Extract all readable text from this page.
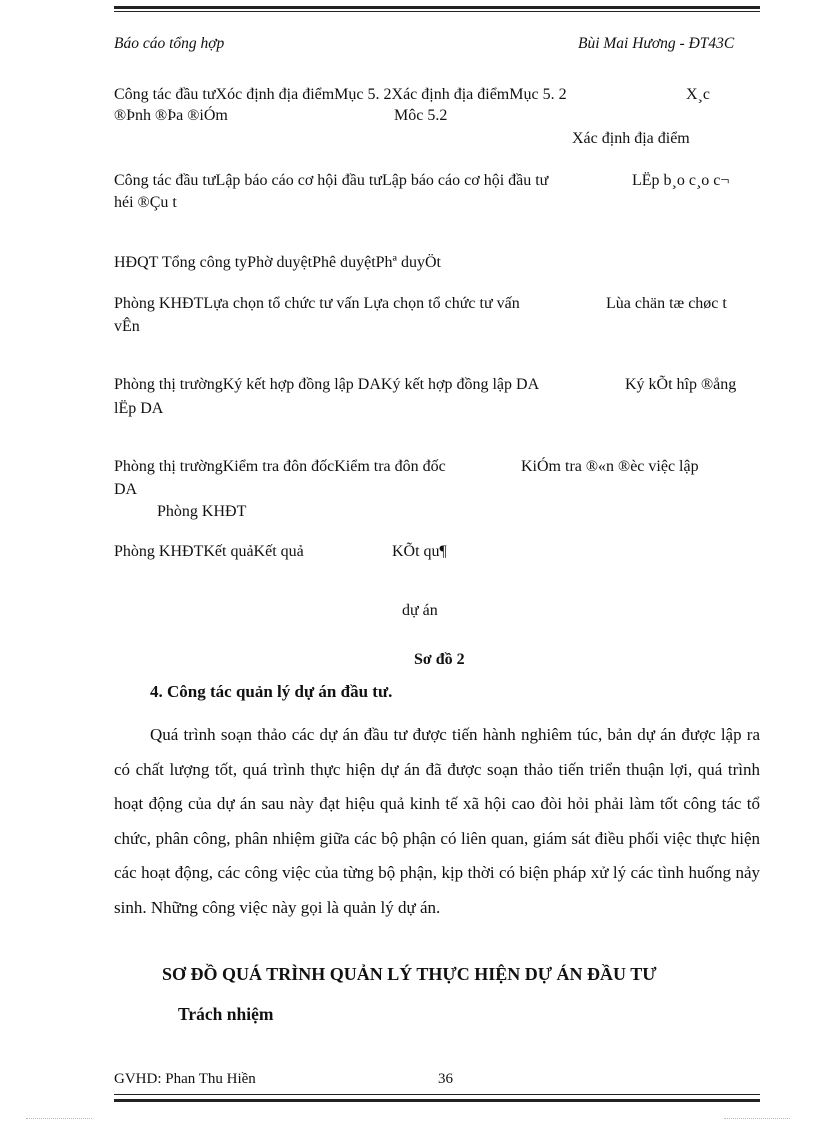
Báo cáo tổng hợp	Bùi Mai Hương - ĐT43C
Công tác đầu tưXóc định địa điểmMục 5. 2Xác định địa điểmMục 5. 2	X¸c
®Þnh ®Þa ®iÓm	Môc 5.2
Xác định địa điểm
Công tác đầu tưLập báo cáo cơ hội đầu tưLập báo cáo cơ hội đầu tư	LËp b¸o c¸o c¬
héi ®Çu t
HĐQT Tổng công tyPhờ duyệtPhê duyệtPhª duyÖt
Phòng KHĐTLựa chọn tổ chức tư vấn Lựa chọn tổ chức tư vấn	Lùa chän tæ chøc t
vÊn
Phòng thị trườngKý kết hợp đồng lập DAKý kết hợp đồng lập DA	Ký kÕt hîp ®ång
lËp DA
Phòng thị trườngKiểm tra đôn đốcKiểm tra đôn đốc	KiÓm tra ®«n ®èc việc lập
DA
Phòng KHĐT
Phòng KHĐTKết quảKết quả	KÕt qu¶
dự án
Sơ đồ 2
4. Công tác quản lý dự án đầu tư.

Quá trình soạn thảo các dự án đầu tư được tiến hành nghiêm túc, bản dự án được lập ra có chất lượng tốt, quá trình thực hiện dự án đã được soạn thảo tiến triển thuận lợi, quá trình hoạt động của dự án sau này đạt hiệu quả kinh tế xã hội cao đòi hỏi phải làm tốt công tác tổ chức, phân công, phân nhiệm giữa các bộ phận có liên quan, giám sát điều phối việc thực hiện các hoạt động, các công việc của từng bộ phận, kịp thời có biện pháp xử lý các tình huống nảy sinh. Những công việc này gọi là quản lý dự án.

SƠ ĐỒ QUÁ TRÌNH QUẢN LÝ THỰC HIỆN DỰ ÁN ĐẦU TƯ
Trách nhiệm
GVHD: Phan Thu Hiền	36
